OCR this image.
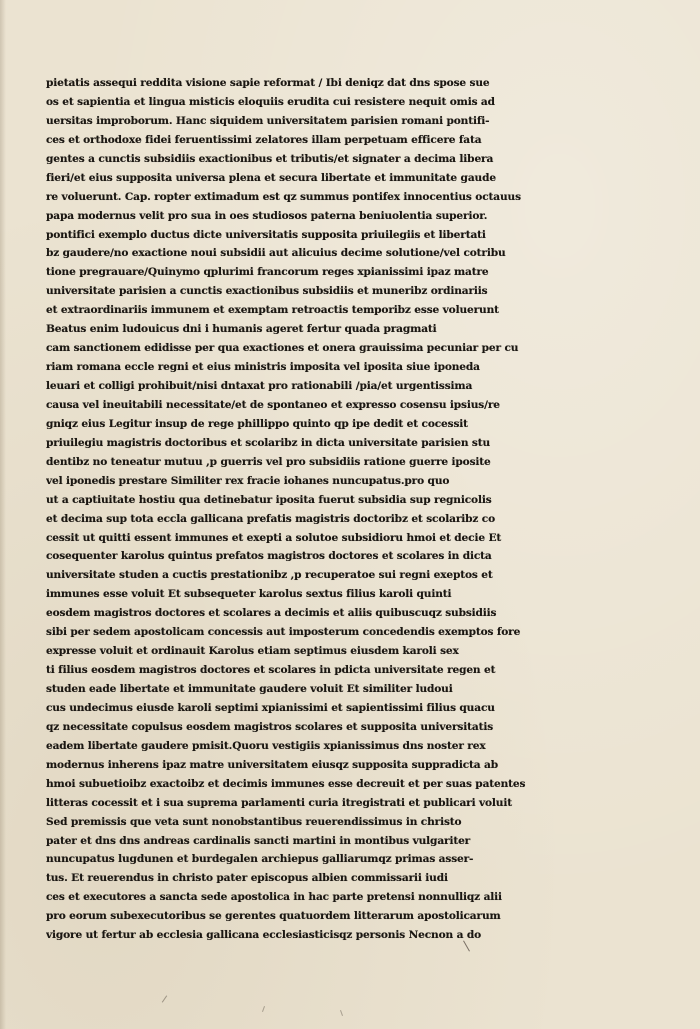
pietatis assequi reddita visione sapie reformat / Ibi deniqz dat dns spose sue
os et sapientia et lingua misticis eloquiis erudita cui resistere nequit omis ad
uersitas improborum. Hanc siquidem universitatem parisien romani pontifi-
ces et orthodoxe fidei feruentissimi zelatores illam perpetuam efficere fata
gentes a cunctis subsidiis exactionibus et tributis/et signater a decima libera
fieri/et eius supposita universa plena et secura libertate et immunitate gaude
re voluerunt. Cap. ropter extimadum est qz summus pontifex innocentius octauus
papa modernus velit pro sua in oes studiosos paterna beniuolentia superior.
pontifici exemplo ductus dicte universitatis supposita priuilegiis et libertati
bz gaudere/no exactione noui subsidii aut alicuius decime solutione/vel cotribu
tione pregrauare/Quinymo qplurimi francorum reges xpianissimi ipaz matre
universitate parisien a cunctis exactionibus subsidiis et muneribz ordinariis
et extraordinariis immunem et exemptam retroactis temporibz esse voluerunt
Beatus enim ludouicus dni i humanis ageret fertur quada pragmati
cam sanctionem edidisse per qua exactiones et onera grauissima pecuniar per cu
riam romana eccle regni et eius ministris imposita vel iposita siue iponeda
leuari et colligi prohibuit/nisi dntaxat pro rationabili /pia/et urgentissima
causa vel ineuitabili necessitate/et de spontaneo et expresso cosensu ipsius/re
gniqz eius Legitur insup de rege phillippo quinto qp ipe dedit et cocessit
priuilegiu magistris doctoribus et scolaribz in dicta universitate parisien stu
dentibz no teneatur mutuu ,p guerris vel pro subsidiis ratione guerre iposite
vel iponedis prestare Similiter rex fracie iohanes nuncupatus.pro quo
ut a captiuitate hostiu qua detinebatur iposita fuerut subsidia sup regnicolis
et decima sup tota eccla gallicana prefatis magistris doctoribz et scolaribz co
cessit ut quitti essent immunes et exepti a solutoe subsidioru hmoi et decie Et
cosequenter karolus quintus prefatos magistros doctores et scolares in dicta
universitate studen a cuctis prestationibz ,p recuperatoe sui regni exeptos et
immunes esse voluit Et subsequeter karolus sextus filius karoli quinti
eosdem magistros doctores et scolares a decimis et aliis quibuscuqz subsidiis
sibi per sedem apostolicam concessis aut imposterum concedendis exemptos fore
expresse voluit et ordinauit Karolus etiam septimus eiusdem karoli sex
ti filius eosdem magistros doctores et scolares in pdicta universitate regen et
studen eade libertate et immunitate gaudere voluit Et similiter ludoui
cus undecimus eiusde karoli septimi xpianissimi et sapientissimi filius quacu
qz necessitate copulsus eosdem magistros scolares et supposita universitatis
eadem libertate gaudere pmisit.Quoru vestigiis xpianissimus dns noster rex
modernus inherens ipaz matre universitatem eiusqz supposita suppradicta ab
hmoi subuetioibz exactoibz et decimis immunes esse decreuit et per suas patentes
litteras cocessit et i sua suprema parlamenti curia itregistrati et publicari voluit
Sed premissis que veta sunt nonobstantibus reuerendissimus in christo
pater et dns dns andreas cardinalis sancti martini in montibus vulgariter
nuncupatus lugdunen et burdegalen archiepus galliarumqz primas asser-
tus. Et reuerendus in christo pater episcopus albien commissarii iudi
ces et executores a sancta sede apostolica in hac parte pretensi nonnulliqz alii
pro eorum subexecutoribus se gerentes quatuordem litterarum apostolicarum
vigore ut fertur ab ecclesia gallicana ecclesiasticisqz personis Necnon a do
